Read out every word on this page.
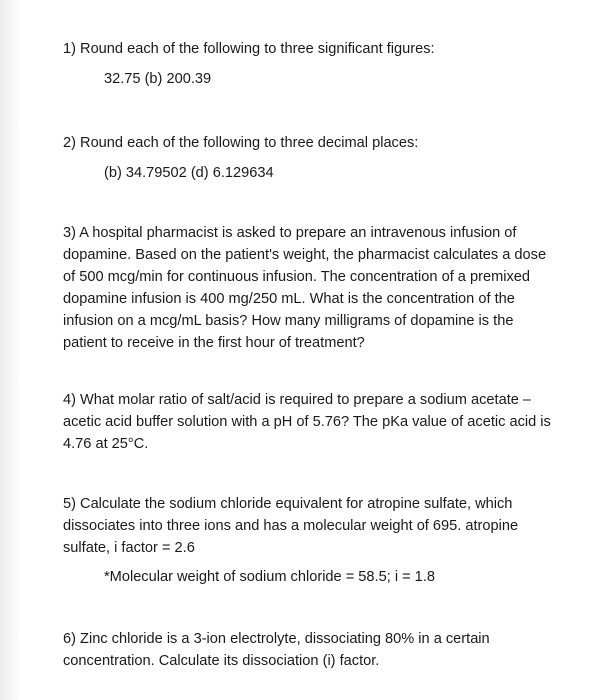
1) Round each of the following to three significant figures:

32.75 (b) 200.39

2) Round each of the following to three decimal places:

(b) 34.79502 (d) 6.129634

3) A hospital pharmacist is asked to prepare an intravenous infusion of
dopamine. Based on the patient's weight, the pharmacist calculates a dose
of 500 mcg/min for continuous infusion. The concentration of a premixed
dopamine infusion is 400 mg/250 mL. What is the concentration of the
infusion on a mcg/mL basis? How many milligrams of dopamine is the
patient to receive in the first hour of treatment?

4) What molar ratio of salt/acid is required to prepare a sodium acetate –
acetic acid buffer solution with a pH of 5.76? The pKa value of acetic acid is
4.76 at 25°C.

5) Calculate the sodium chloride equivalent for atropine sulfate, which
dissociates into three ions and has a molecular weight of 695. atropine
sulfate, i factor = 2.6

*Molecular weight of sodium chloride = 58.5; i = 1.8

6) Zinc chloride is a 3-ion electrolyte, dissociating 80% in a certain
concentration. Calculate its dissociation (i) factor.
